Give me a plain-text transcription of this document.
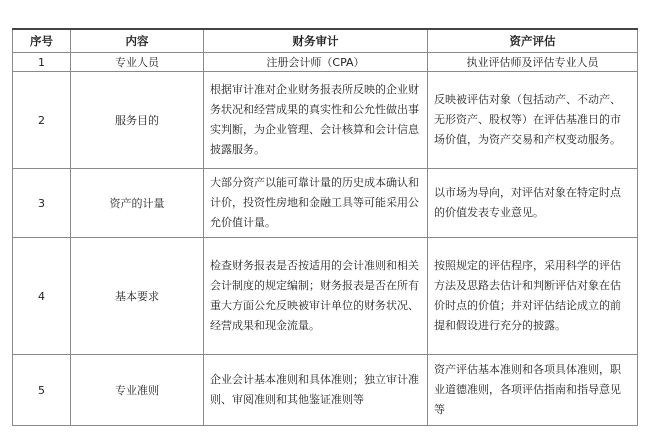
序号	内容	财务审计	资产评估
1	专业人员	注册会计师（CPA）	执业评估师及评估专业人员
2	服务目的	根据审计准对企业财务报表所反映的企业财务状况和经营成果的真实性和公允性做出事实判断，为企业管理、会计核算和会计信息披露服务。	反映被评估对象（包括动产、不动产、无形资产、股权等）在评估基准日的市场价值，为资产交易和产权变动服务。
3	资产的计量	大部分资产以能可靠计量的历史成本确认和计价，投资性房地和金融工具等可能采用公允价值计量。	以市场为导向，对评估对象在特定时点的价值发表专业意见。
4	基本要求	检查财务报表是否按适用的会计准则和相关会计制度的规定编制；财务报表是否在所有重大方面公允反映被审计单位的财务状况、经营成果和现金流量。	按照规定的评估程序，采用科学的评估方法及思路去估计和判断评估对象在估价时点的价值；并对评估结论成立的前提和假设进行充分的披露。
5	专业准则	企业会计基本准则和具体准则；独立审计准则、审阅准则和其他鉴证准则等	资产评估基本准则和各项具体准则，职业道德准则，各项评估指南和指导意见等
